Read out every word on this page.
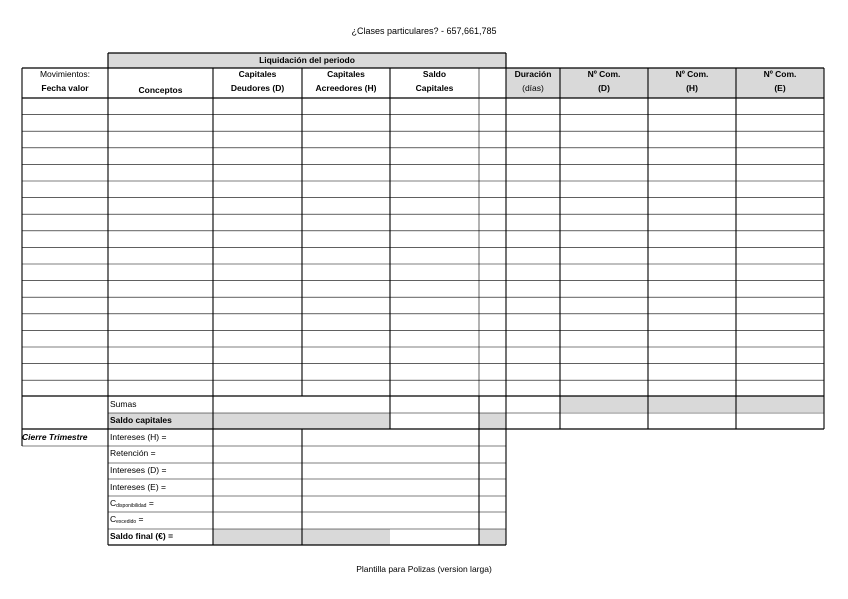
¿Clases particulares? - 657,661,785
Liquidación del periodo
Movimientos:
Fecha valor	Conceptos
Capitales
Deudores (D)
Capitales
Acreedores (H)
Saldo
Capitales
Duración
(días)
Nº Com.
(D)
Nº Com.
(H)
Nº Com.
(E)
Sumas
Saldo capitales
Cierre Trimestre	Intereses (H) =
Retención =
Intereses (D) =
Intereses (E) =
$C_{disponibilidad}$ =
$C_{excedido}$ =
Saldo final (€) =
Plantilla para Polizas (version larga)
